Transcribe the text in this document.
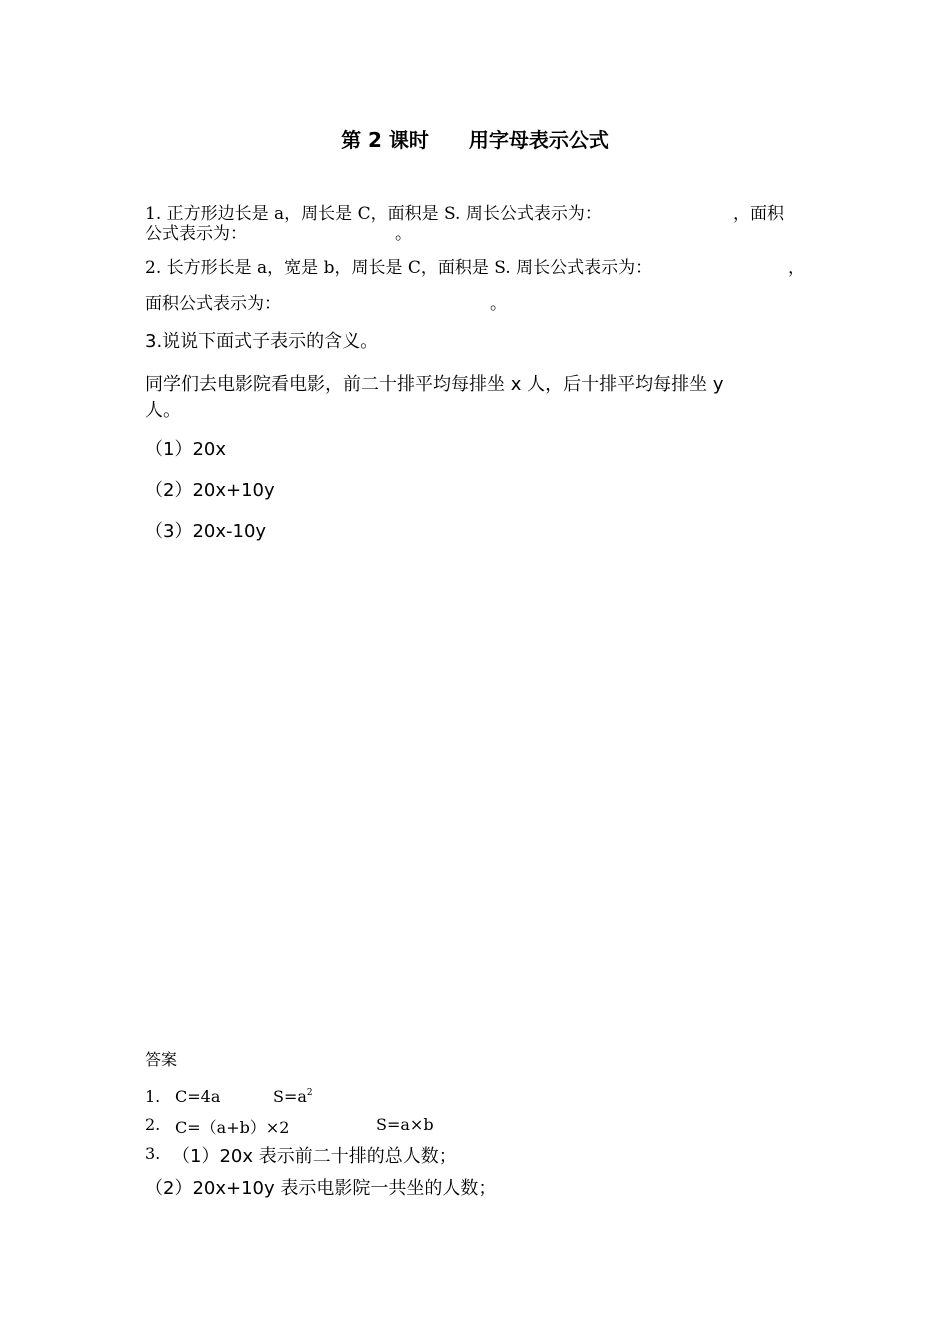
第 2 课时 用字母表示公式
1. 正方形边长是 a，周长是 C，面积是 S. 周长公式表示为：	，面积
公式表示为：	。
2. 长方形长是 a，宽是 b，周长是 C，面积是 S. 周长公式表示为：	，
面积公式表示为：	。
3.说说下面式子表示的含义。
同学们去电影院看电影，前二十排平均每排坐 x 人，后十排平均每排坐 y
人。
（1）20x
（2）20x+10y
（3）20x-10y
答案
1. C=4a	$S=a^2$
2. C=（a+b）×2	S=a×b
3. （1）20x 表示前二十排的总人数；
（2）20x+10y 表示电影院一共坐的人数；
